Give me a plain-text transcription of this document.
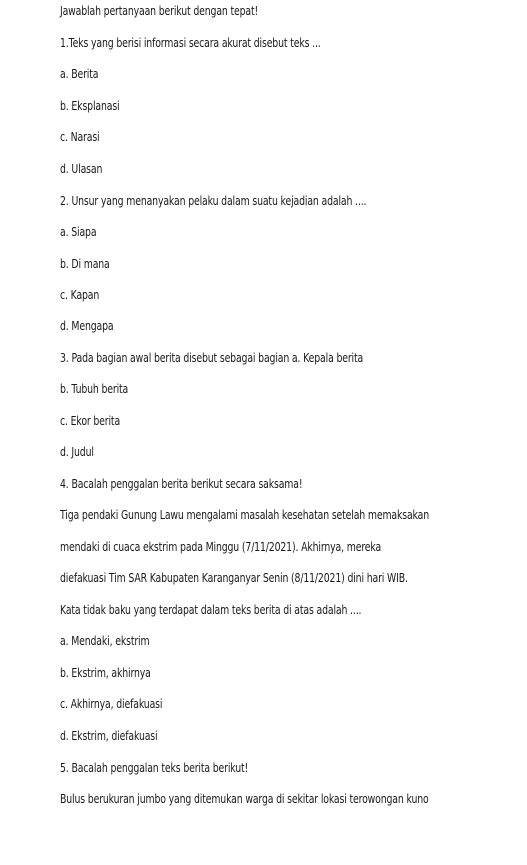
Jawablah pertanyaan berikut dengan tepat!
1.Teks yang berisi informasi secara akurat disebut teks ...
a. Berita
b. Eksplanasi
c. Narasi
d. Ulasan
2. Unsur yang menanyakan pelaku dalam suatu kejadian adalah ....
a. Siapa
b. Di mana
c. Kapan
d. Mengapa
3. Pada bagian awal berita disebut sebagai bagian a. Kepala berita
b. Tubuh berita
c. Ekor berita
d. Judul
4. Bacalah penggalan berita berikut secara saksama!
Tiga pendaki Gunung Lawu mengalami masalah kesehatan setelah memaksakan
mendaki di cuaca ekstrim pada Minggu (7/11/2021). Akhirnya, mereka
diefakuasi Tim SAR Kabupaten Karanganyar Senin (8/11/2021) dini hari WIB.
Kata tidak baku yang terdapat dalam teks berita di atas adalah ....
a. Mendaki, ekstrim
b. Ekstrim, akhirnya
c. Akhirnya, diefakuasi
d. Ekstrim, diefakuasi
5. Bacalah penggalan teks berita berikut!
Bulus berukuran jumbo yang ditemukan warga di sekitar lokasi terowongan kuno
